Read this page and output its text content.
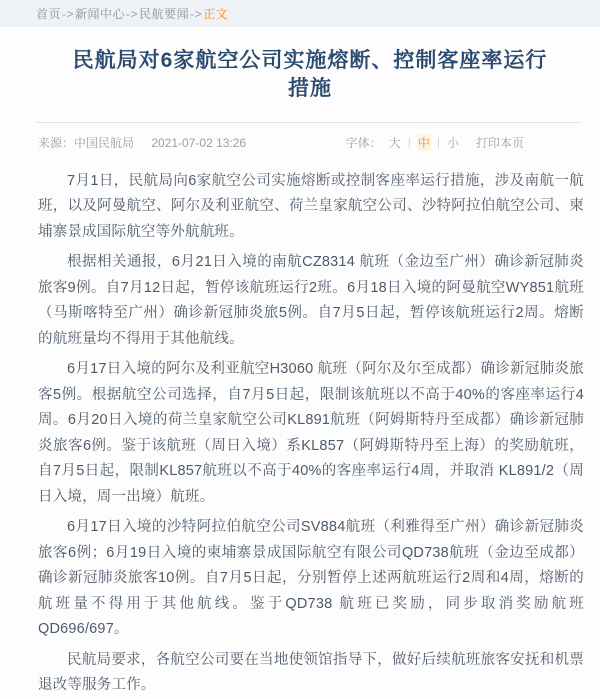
首页->新闻中心->民航要闻->正文
民航局对6家航空公司实施熔断、控制客座率运行措施
来源：中国民航局 2021-07-02 13:26	字体： 大 | 中 | 小 打印本页

7月1日，民航局向6家航空公司实施熔断或控制客座率运行措施，涉及南航一航班，以及阿曼航空、阿尔及利亚航空、荷兰皇家航空公司、沙特阿拉伯航空公司、柬埔寨景成国际航空等外航航班。

根据相关通报，6月21日入境的南航CZ8314 航班（金边至广州）确诊新冠肺炎旅客9例。自7月12日起，暂停该航班运行2班。6月18日入境的阿曼航空WY851航班（马斯喀特至广州）确诊新冠肺炎旅5例。自7月5日起，暂停该航班运行2周。熔断的航班量均不得用于其他航线。

6月17日入境的阿尔及利亚航空H3060 航班（阿尔及尔至成都）确诊新冠肺炎旅客5例。根据航空公司选择，自7月5日起，限制该航班以不高于40%的客座率运行4周。6月20日入境的荷兰皇家航空公司KL891航班（阿姆斯特丹至成都）确诊新冠肺炎旅客6例。鉴于该航班（周日入境）系KL857（阿姆斯特丹至上海）的奖励航班，自7月5日起，限制KL857航班以不高于40%的客座率运行4周，并取消 KL891/2（周日入境，周一出境）航班。

6月17日入境的沙特阿拉伯航空公司SV884航班（利雅得至广州）确诊新冠肺炎旅客6例；6月19日入境的柬埔寨景成国际航空有限公司QD738航班（金边至成都）确诊新冠肺炎旅客10例。自7月5日起，分别暂停上述两航班运行2周和4周，熔断的航班量不得用于其他航线。鉴于QD738 航班已奖励，同步取消奖励航班 QD696/697。

民航局要求，各航空公司要在当地使领馆指导下，做好后续航班旅客安抚和机票退改等服务工作。
